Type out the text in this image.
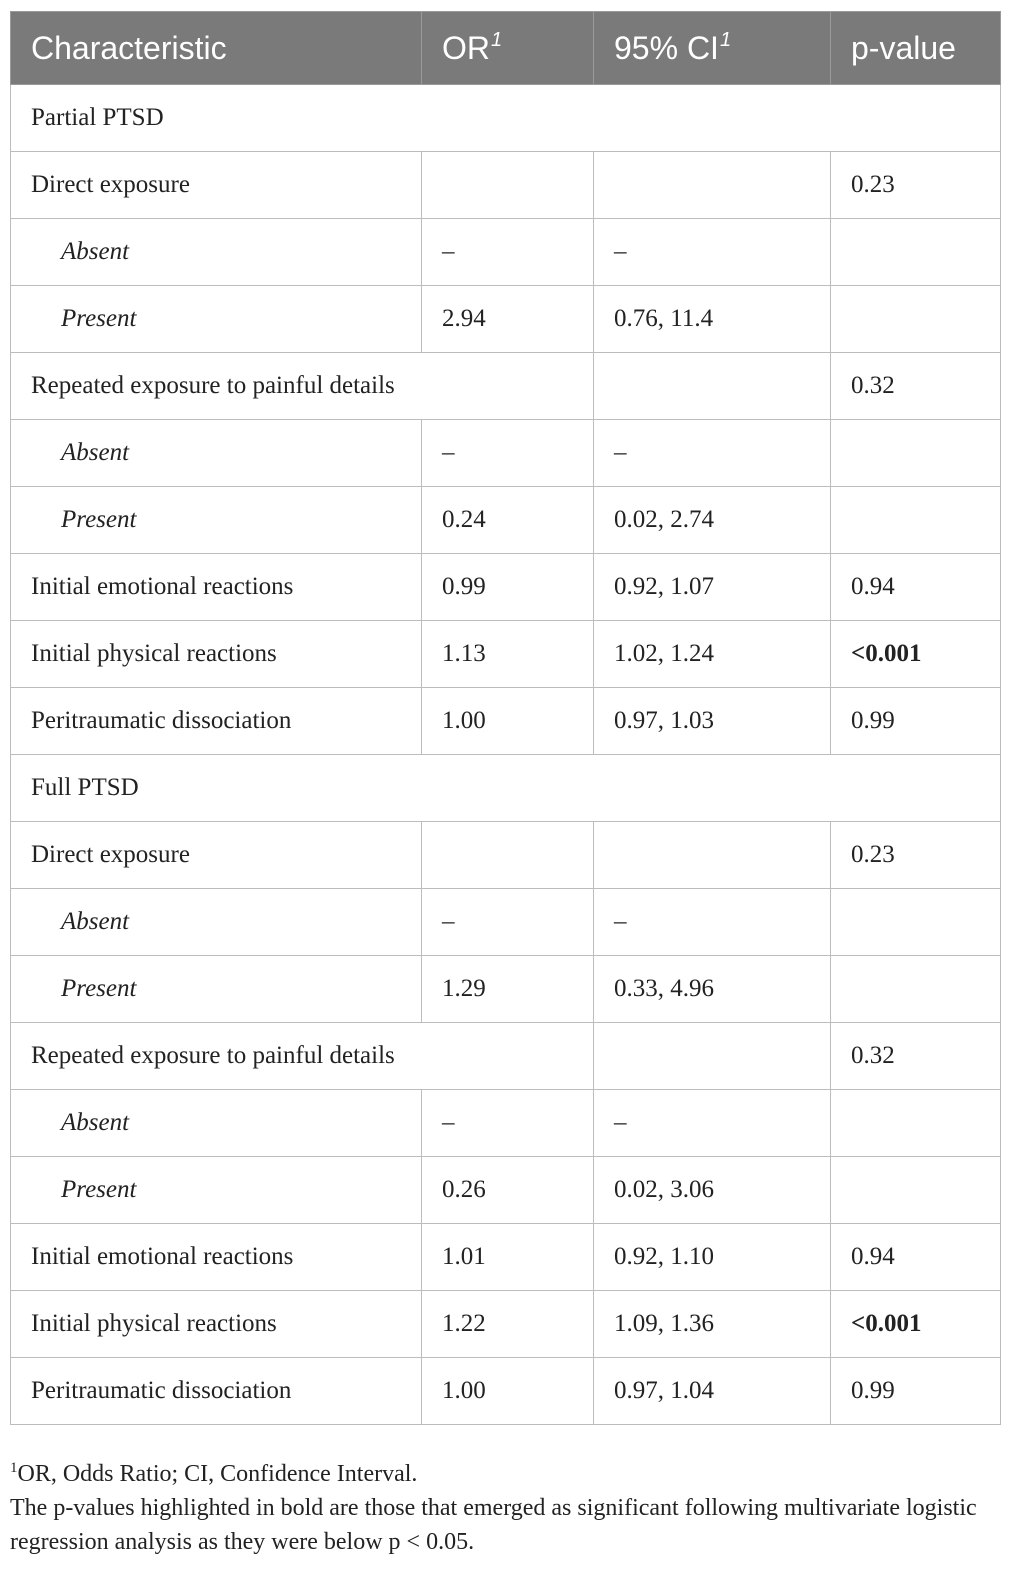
Characteristic	$OR^1$	95% $CI^1$	p-value
Partial PTSD			
Direct exposure			0.23
Absent	–	–	
Present	2.94	0.76, 11.4	
Repeated exposure to painful details			0.32
Absent	–	–	
Present	0.24	0.02, 2.74	
Initial emotional reactions	0.99	0.92, 1.07	0.94
Initial physical reactions	1.13	1.02, 1.24	<0.001
Peritraumatic dissociation	1.00	0.97, 1.03	0.99
Full PTSD			
Direct exposure			0.23
Absent	–	–	
Present	1.29	0.33, 4.96	
Repeated exposure to painful details			0.32
Absent	–	–	
Present	0.26	0.02, 3.06	
Initial emotional reactions	1.01	0.92, 1.10	0.94
Initial physical reactions	1.22	1.09, 1.36	<0.001
Peritraumatic dissociation	1.00	0.97, 1.04	0.99

$^1$OR, Odds Ratio; CI, Confidence Interval.

The p-values highlighted in bold are those that emerged as significant following multivariate logistic regression analysis as they were below p < 0.05.
